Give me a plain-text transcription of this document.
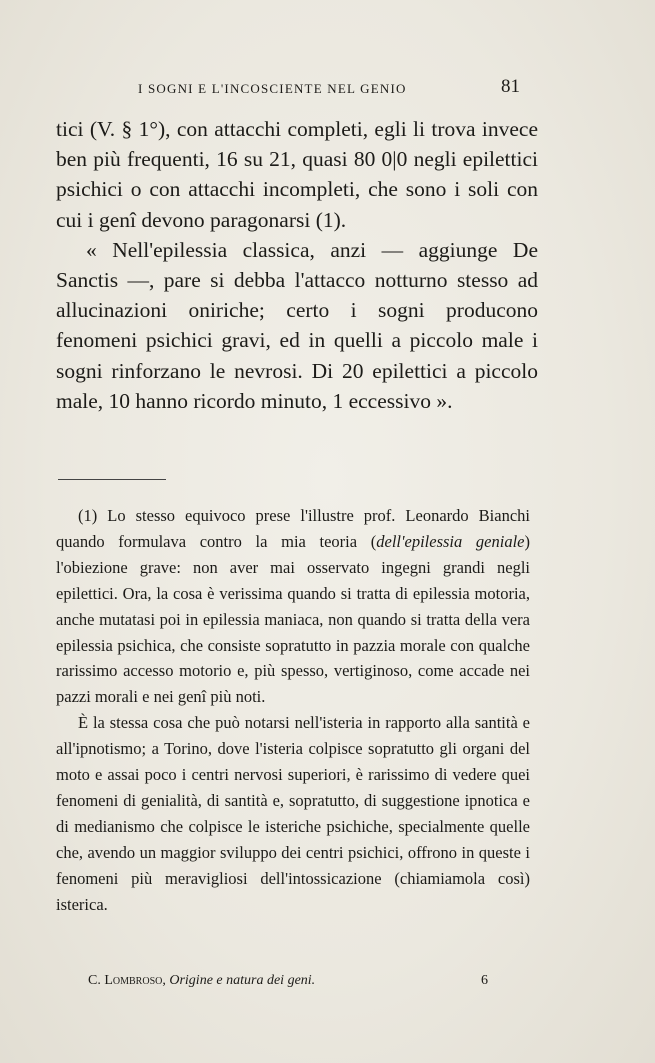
I SOGNI E L'INCOSCIENTE NEL GENIO	81

tici (V. § 1°), con attacchi completi, egli li trova invece ben più frequenti, 16 su 21, quasi 80 0|0 negli epilettici psichici o con attacchi incompleti, che sono i soli con cui i genî devono paragonarsi (1).

« Nell'epilessia classica, anzi — aggiunge De Sanctis —, pare si debba l'attacco notturno stesso ad allucinazioni oniriche; certo i sogni producono fenomeni psichici gravi, ed in quelli a piccolo male i sogni rinforzano le nevrosi. Di 20 epilettici a piccolo male, 10 hanno ricordo minuto, 1 eccessivo ».

(1) Lo stesso equivoco prese l'illustre prof. Leonardo Bianchi quando formulava contro la mia teoria (dell'epilessia geniale) l'obiezione grave: non aver mai osservato ingegni grandi negli epilettici. Ora, la cosa è verissima quando si tratta di epilessia motoria, anche mutatasi poi in epilessia maniaca, non quando si tratta della vera epilessia psichica, che consiste sopratutto in pazzia morale con qualche rarissimo accesso motorio e, più spesso, vertiginoso, come accade nei pazzi morali e nei genî più noti.

È la stessa cosa che può notarsi nell'isteria in rapporto alla santità e all'ipnotismo; a Torino, dove l'isteria colpisce sopratutto gli organi del moto e assai poco i centri nervosi superiori, è rarissimo di vedere quei fenomeni di genialità, di santità e, sopratutto, di suggestione ipnotica e di medianismo che colpisce le isteriche psichiche, specialmente quelle che, avendo un maggior sviluppo dei centri psichici, offrono in queste i fenomeni più meravigliosi dell'intossicazione (chiamiamola così) isterica.

C. Lombroso, Origine e natura dei geni.	6
